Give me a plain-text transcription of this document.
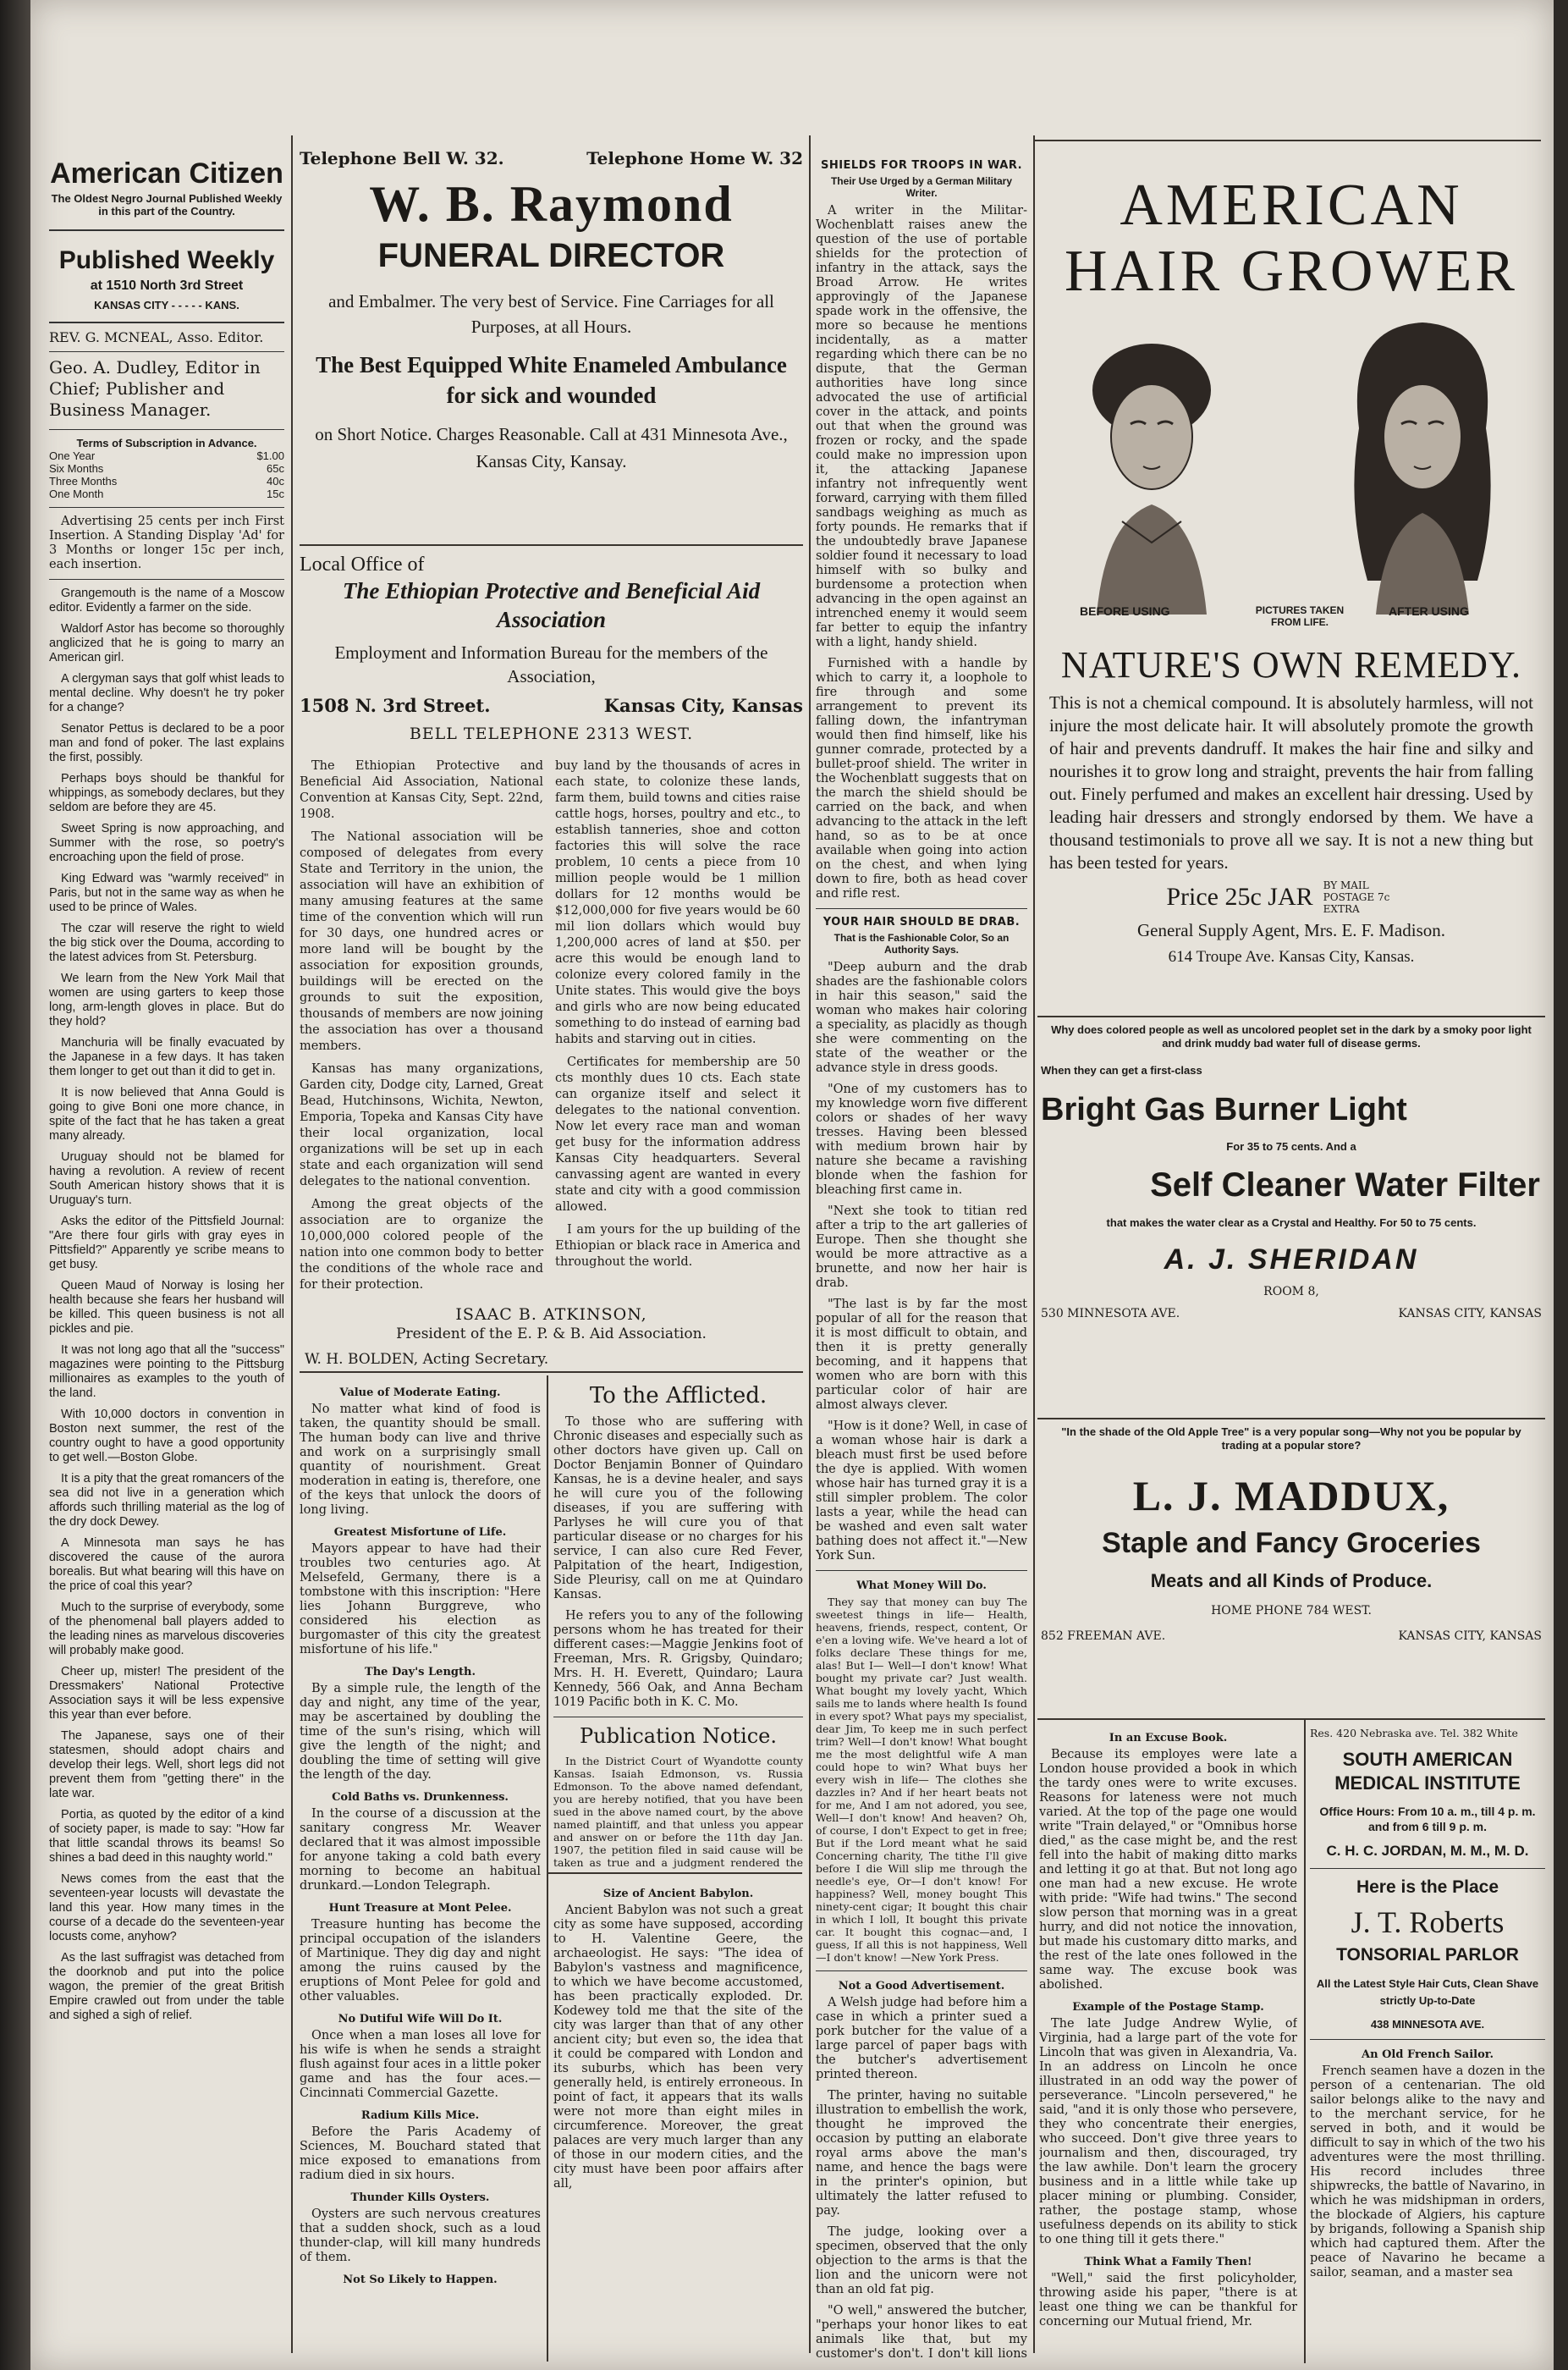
American Citizen
The Oldest Negro Journal Published Weekly in this part of the Country.
Published Weekly
at 1510 North 3rd Street
KANSAS CITY - - - - - KANS.
REV. G. MCNEAL, Asso. Editor.
Geo. A. Dudley, Editor in Chief; Publisher and Business Manager.
Terms of Subscription in Advance.
One Year	$1.00
Six Months	65c
Three Months	40c
One Month	15c

Advertising 25 cents per inch First Insertion. A Standing Display 'Ad' for 3 Months or longer 15c per inch, each insertion.

Grangemouth is the name of a Moscow editor. Evidently a farmer on the side.

Waldorf Astor has become so thoroughly anglicized that he is going to marry an American girl.

A clergyman says that golf whist leads to mental decline. Why doesn't he try poker for a change?

Senator Pettus is declared to be a poor man and fond of poker. The last explains the first, possibly.

Perhaps boys should be thankful for whippings, as somebody declares, but they seldom are before they are 45.

Sweet Spring is now approaching, and Summer with the rose, so poetry's encroaching upon the field of prose.

King Edward was "warmly received" in Paris, but not in the same way as when he used to be prince of Wales.

The czar will reserve the right to wield the big stick over the Douma, according to the latest advices from St. Petersburg.

We learn from the New York Mail that women are using garters to keep those long, arm-length gloves in place. But do they hold?

Manchuria will be finally evacuated by the Japanese in a few days. It has taken them longer to get out than it did to get in.

It is now believed that Anna Gould is going to give Boni one more chance, in spite of the fact that he has taken a great many already.

Uruguay should not be blamed for having a revolution. A review of recent South American history shows that it is Uruguay's turn.

Asks the editor of the Pittsfield Journal: "Are there four girls with gray eyes in Pittsfield?" Apparently ye scribe means to get busy.

Queen Maud of Norway is losing her health because she fears her husband will be killed. This queen business is not all pickles and pie.

It was not long ago that all the "success" magazines were pointing to the Pittsburg millionaires as examples to the youth of the land.

With 10,000 doctors in convention in Boston next summer, the rest of the country ought to have a good opportunity to get well.—Boston Globe.

It is a pity that the great romancers of the sea did not live in a generation which affords such thrilling material as the log of the dry dock Dewey.

A Minnesota man says he has discovered the cause of the aurora borealis. But what bearing will this have on the price of coal this year?

Much to the surprise of everybody, some of the phenomenal ball players added to the leading nines as marvelous discoveries will probably make good.

Cheer up, mister! The president of the Dressmakers' National Protective Association says it will be less expensive this year than ever before.

The Japanese, says one of their statesmen, should adopt chairs and develop their legs. Well, short legs did not prevent them from "getting there" in the late war.

Portia, as quoted by the editor of a kind of society paper, is made to say: "How far that little scandal throws its beams! So shines a bad deed in this naughty world."

News comes from the east that the seventeen-year locusts will devastate the land this year. How many times in the course of a decade do the seventeen-year locusts come, anyhow?

As the last suffragist was detached from the doorknob and put into the police wagon, the premier of the great British Empire crawled out from under the table and sighed a sigh of relief.

Telephone Bell W. 32.	Telephone Home W. 32
W. B. Raymond
FUNERAL DIRECTOR
and Embalmer. The very best of Service. Fine Carriages for all Purposes, at all Hours.
The Best Equipped White Enameled Ambulance for sick and wounded
on Short Notice. Charges Reasonable. Call at 431 Minnesota Ave., Kansas City, Kansay.
Local Office of
The Ethiopian Protective and Beneficial Aid Association
Employment and Information Bureau for the members of the Association,
1508 N. 3rd Street.	Kansas City, Kansas
BELL TELEPHONE 2313 WEST.

The Ethiopian Protective and Beneficial Aid Association, National Convention at Kansas City, Sept. 22nd, 1908.

The National association will be composed of delegates from every State and Territory in the union, the association will have an exhibition of many amusing features at the same time of the convention which will run for 30 days, one hundred acres or more land will be bought by the association for exposition grounds, buildings will be erected on the grounds to suit the exposition, thousands of members are now joining the association has over a thousand members.

Kansas has many organizations, Garden city, Dodge city, Larned, Great Bead, Hutchinsons, Wichita, Newton, Emporia, Topeka and Kansas City have their local organization, local organizations will be set up in each state and each organization will send delegates to the national convention.

Among the great objects of the association are to organize the 10,000,000 colored people of the nation into one common body to better the conditions of the whole race and for their protection.

buy land by the thousands of acres in each state, to colonize these lands, farm them, build towns and cities raise cattle hogs, horses, poultry and etc., to establish tanneries, shoe and cotton factories this will solve the race problem, 10 cents a piece from 10 million people would be 1 million dollars for 12 months would be $12,000,000 for five years would be 60 mil lion dollars which would buy 1,200,000 acres of land at $50. per acre this would be enough land to colonize every colored family in the Unite states. This would give the boys and girls who are now being educated something to do instead of earning bad habits and starving out in cities.

Certificates for membership are 50 cts monthly dues 10 cts. Each state can organize itself and select it delegates to the national convention. Now let every race man and woman get busy for the information address Kansas City headquarters. Several canvassing agent are wanted in every state and city with a good commission allowed.

I am yours for the up building of the Ethiopian or black race in America and throughout the world.

ISAAC B. ATKINSON,
President of the E. P. & B. Aid Association.
W. H. BOLDEN, Acting Secretary.
Value of Moderate Eating.

No matter what kind of food is taken, the quantity should be small. The human body can live and thrive and work on a surprisingly small quantity of nourishment. Great moderation in eating is, therefore, one of the keys that unlock the doors of long living.

Greatest Misfortune of Life.

Mayors appear to have had their troubles two centuries ago. At Melsefeld, Germany, there is a tombstone with this inscription: "Here lies Johann Burggreve, who considered his election as burgomaster of this city the greatest misfortune of his life."

The Day's Length.

By a simple rule, the length of the day and night, any time of the year, may be ascertained by doubling the time of the sun's rising, which will give the length of the night; and doubling the time of setting will give the length of the day.

Cold Baths vs. Drunkenness.

In the course of a discussion at the sanitary congress Mr. Weaver declared that it was almost impossible for anyone taking a cold bath every morning to become an habitual drunkard.—London Telegraph.

Hunt Treasure at Mont Pelee.

Treasure hunting has become the principal occupation of the islanders of Martinique. They dig day and night among the ruins caused by the eruptions of Mont Pelee for gold and other valuables.

No Dutiful Wife Will Do It.

Once when a man loses all love for his wife is when he sends a straight flush against four aces in a little poker game and has the four aces.—Cincinnati Commercial Gazette.

Radium Kills Mice.

Before the Paris Academy of Sciences, M. Bouchard stated that mice exposed to emanations from radium died in six hours.

Thunder Kills Oysters.

Oysters are such nervous creatures that a sudden shock, such as a loud thunder-clap, will kill many hundreds of them.

Not So Likely to Happen.
To the Afflicted.

To those who are suffering with Chronic diseases and especially such as other doctors have given up. Call on Doctor Benjamin Bonner of Quindaro Kansas, he is a devine healer, and says he will cure you of the following diseases, if you are suffering with Parlyses he will cure you of that particular disease or no charges for his service, I can also cure Red Fever, Palpitation of the heart, Indigestion, Side Pleurisy, call on me at Quindaro Kansas.

He refers you to any of the following persons whom he has treated for their different cases:—Maggie Jenkins foot of Freeman, Mrs. R. Grigsby, Quindaro; Mrs. H. H. Everett, Quindaro; Laura Kennedy, 566 Oak, and Anna Becham 1019 Pacific both in K. C. Mo.

Publication Notice.

In the District Court of Wyandotte county Kansas. Isaiah Edmonson, vs. Russia Edmonson. To the above named defendant, you are hereby notified, that you have been sued in the above named court, by the above named plaintiff, and that unless you appear and answer on or before the 11th day Jan. 1907, the petition filed in said cause will be taken as true and a judgment rendered the

Size of Ancient Babylon.

Ancient Babylon was not such a great city as some have supposed, according to H. Valentine Geere, the archaeologist. He says: "The idea of Babylon's vastness and magnificence, to which we have become accustomed, has been practically exploded. Dr. Kodewey told me that the site of the city was larger than that of any other ancient city; but even so, the idea that it could be compared with London and its suburbs, which has been very generally held, is entirely erroneous. In point of fact, it appears that its walls were not more than eight miles in circumference. Moreover, the great palaces are very much larger than any of those in our modern cities, and the city must have been poor affairs after all,

SHIELDS FOR TROOPS IN WAR.
Their Use Urged by a German Military Writer.

A writer in the Militar-Wochenblatt raises anew the question of the use of portable shields for the protection of infantry in the attack, says the Broad Arrow. He writes approvingly of the Japanese spade work in the offensive, the more so because he mentions incidentally, as a matter regarding which there can be no dispute, that the German authorities have long since advocated the use of artificial cover in the attack, and points out that when the ground was frozen or rocky, and the spade could make no impression upon it, the attacking Japanese infantry not infrequently went forward, carrying with them filled sandbags weighing as much as forty pounds. He remarks that if the undoubtedly brave Japanese soldier found it necessary to load himself with so bulky and burdensome a protection when advancing in the open against an intrenched enemy it would seem far better to equip the infantry with a light, handy shield.

Furnished with a handle by which to carry it, a loophole to fire through and some arrangement to prevent its falling down, the infantryman would then find himself, like his gunner comrade, protected by a bullet-proof shield. The writer in the Wochenblatt suggests that on the march the shield should be carried on the back, and when advancing to the attack in the left hand, so as to be at once available when going into action on the chest, and when lying down to fire, both as head cover and rifle rest.

YOUR HAIR SHOULD BE DRAB.
That is the Fashionable Color, So an Authority Says.

"Deep auburn and the drab shades are the fashionable colors in hair this season," said the woman who makes hair coloring a speciality, as placidly as though she were commenting on the state of the weather or the advance style in dress goods.

"One of my customers has to my knowledge worn five different colors or shades of her wavy tresses. Having been blessed with medium brown hair by nature she became a ravishing blonde when the fashion for bleaching first came in.

"Next she took to titian red after a trip to the art galleries of Europe. Then she thought she would be more attractive as a brunette, and now her hair is drab.

"The last is by far the most popular of all for the reason that it is most difficult to obtain, and then it is pretty generally becoming, and it happens that women who are born with this particular color of hair are almost always clever.

"How is it done? Well, in case of a woman whose hair is dark a bleach must first be used before the dye is applied. With women whose hair has turned gray it is a still simpler problem. The color lasts a year, while the head can be washed and even salt water bathing does not affect it."—New York Sun.

What Money Will Do.

They say that money can buy The sweetest things in life— Health, heavens, friends, respect, content, Or e'en a loving wife. We've heard a lot of folks declare These things for me, alas! But I— Well—I don't know! What bought my private car? Just wealth. What bought my lovely yacht, Which sails me to lands where health Is found in every spot? What pays my specialist, dear Jim, To keep me in such perfect trim? Well—I don't know! What bought me the most delightful wife A man could hope to win? What buys her every wish in life— The clothes she dazzles in? And if her heart beats not for me, And I am not adored, you see, Well—I don't know! And heaven? Oh, of course, I don't Expect to get in free; But if the Lord meant what he said Concerning charity, The tithe I'll give before I die Will slip me through the needle's eye, Or—I don't know! For happiness? Well, money bought This ninety-cent cigar; It bought this chair in which I loll, It bought this private car. It bought this cognac—and, I guess, If all this is not happiness, Well—I don't know! —New York Press.

Not a Good Advertisement.

A Welsh judge had before him a case in which a printer sued a pork butcher for the value of a large parcel of paper bags with the butcher's advertisement printed thereon.

The printer, having no suitable illustration to embellish the work, thought he improved the occasion by putting an elaborate royal arms above the man's name, and hence the bags were in the printer's opinion, but ultimately the latter refused to pay.

The judge, looking over a specimen, observed that the only objection to the arms is that the lion and the unicorn were not than an old fat pig.

"O well," answered the butcher, "perhaps your honor likes to eat animals like that, but my customer's don't. I don't kill lions

AMERICAN
HAIR GROWER
BEFORE USING	PICTURES TAKEN FROM LIFE.
AFTER USING
NATURE'S OWN REMEDY.
This is not a chemical compound. It is absolutely harmless, will not injure the most delicate hair. It will absolutely promote the growth of hair and prevents dandruff. It makes the hair fine and silky and nourishes it to grow long and straight, prevents the hair from falling out. Finely perfumed and makes an excellent hair dressing. Used by leading hair dressers and strongly endorsed by them. We have a thousand testimonials to prove all we say. It is not a new thing but has been tested for years.
Price 25c JAR BY MAIL POSTAGE 7c EXTRA
General Supply Agent, Mrs. E. F. Madison.
614 Troupe Ave. Kansas City, Kansas.
Why does colored people as well as uncolored peoplet set in the dark by a smoky poor light and drink muddy bad water full of disease germs.
When they can get a first-class
Bright Gas Burner Light
For 35 to 75 cents. And a
Self Cleaner Water Filter
that makes the water clear as a Crystal and Healthy. For 50 to 75 cents.
A. J. SHERIDAN
ROOM 8,
530 MINNESOTA AVE.	KANSAS CITY, KANSAS
"In the shade of the Old Apple Tree" is a very popular song—Why not you be popular by trading at a popular store?
L. J. MADDUX,
Staple and Fancy Groceries
Meats and all Kinds of Produce.
HOME PHONE 784 WEST.
852 FREEMAN AVE.	KANSAS CITY, KANSAS
In an Excuse Book.

Because its employes were late a London house provided a book in which the tardy ones were to write excuses. Reasons for lateness were not much varied. At the top of the page one would write "Train delayed," or "Omnibus horse died," as the case might be, and the rest fell into the habit of making ditto marks and letting it go at that. But not long ago one man had a new excuse. He wrote with pride: "Wife had twins." The second slow person that morning was in a great hurry, and did not notice the innovation, but made his customary ditto marks, and the rest of the late ones followed in the same way. The excuse book was abolished.

Example of the Postage Stamp.

The late Judge Andrew Wylie, of Virginia, had a large part of the vote for Lincoln that was given in Alexandria, Va. In an address on Lincoln he once illustrated in an odd way the power of perseverance. "Lincoln persevered," he said, "and it is only those who persevere, they who concentrate their energies, who succeed. Don't give three years to journalism and then, discouraged, try the law awhile. Don't learn the grocery business and in a little while take up placer mining or plumbing. Consider, rather, the postage stamp, whose usefulness depends on its ability to stick to one thing till it gets there."

Think What a Family Then!

"Well," said the first policyholder, throwing aside his paper, "there is at least one thing we can be thankful for concerning our Mutual friend, Mr.

Res. 420 Nebraska ave. Tel. 382 White
SOUTH AMERICAN MEDICAL INSTITUTE
Office Hours: From 10 a. m., till 4 p. m. and from 6 till 9 p. m.
C. H. C. JORDAN, M. M., M. D.
Here is the Place
J. T. Roberts
TONSORIAL PARLOR
All the Latest Style Hair Cuts, Clean Shave strictly Up-to-Date
438 MINNESOTA AVE.
An Old French Sailor.

French seamen have a dozen in the person of a centenarian. The old sailor belongs alike to the navy and to the merchant service, for he served in both, and it would be difficult to say in which of the two his adventures were the most thrilling. His record includes three shipwrecks, the battle of Navarino, in which he was midshipman in orders, the blockade of Algiers, his capture by brigands, following a Spanish ship which had captured them. After the peace of Navarino he became a sailor, seaman, and a master sea
